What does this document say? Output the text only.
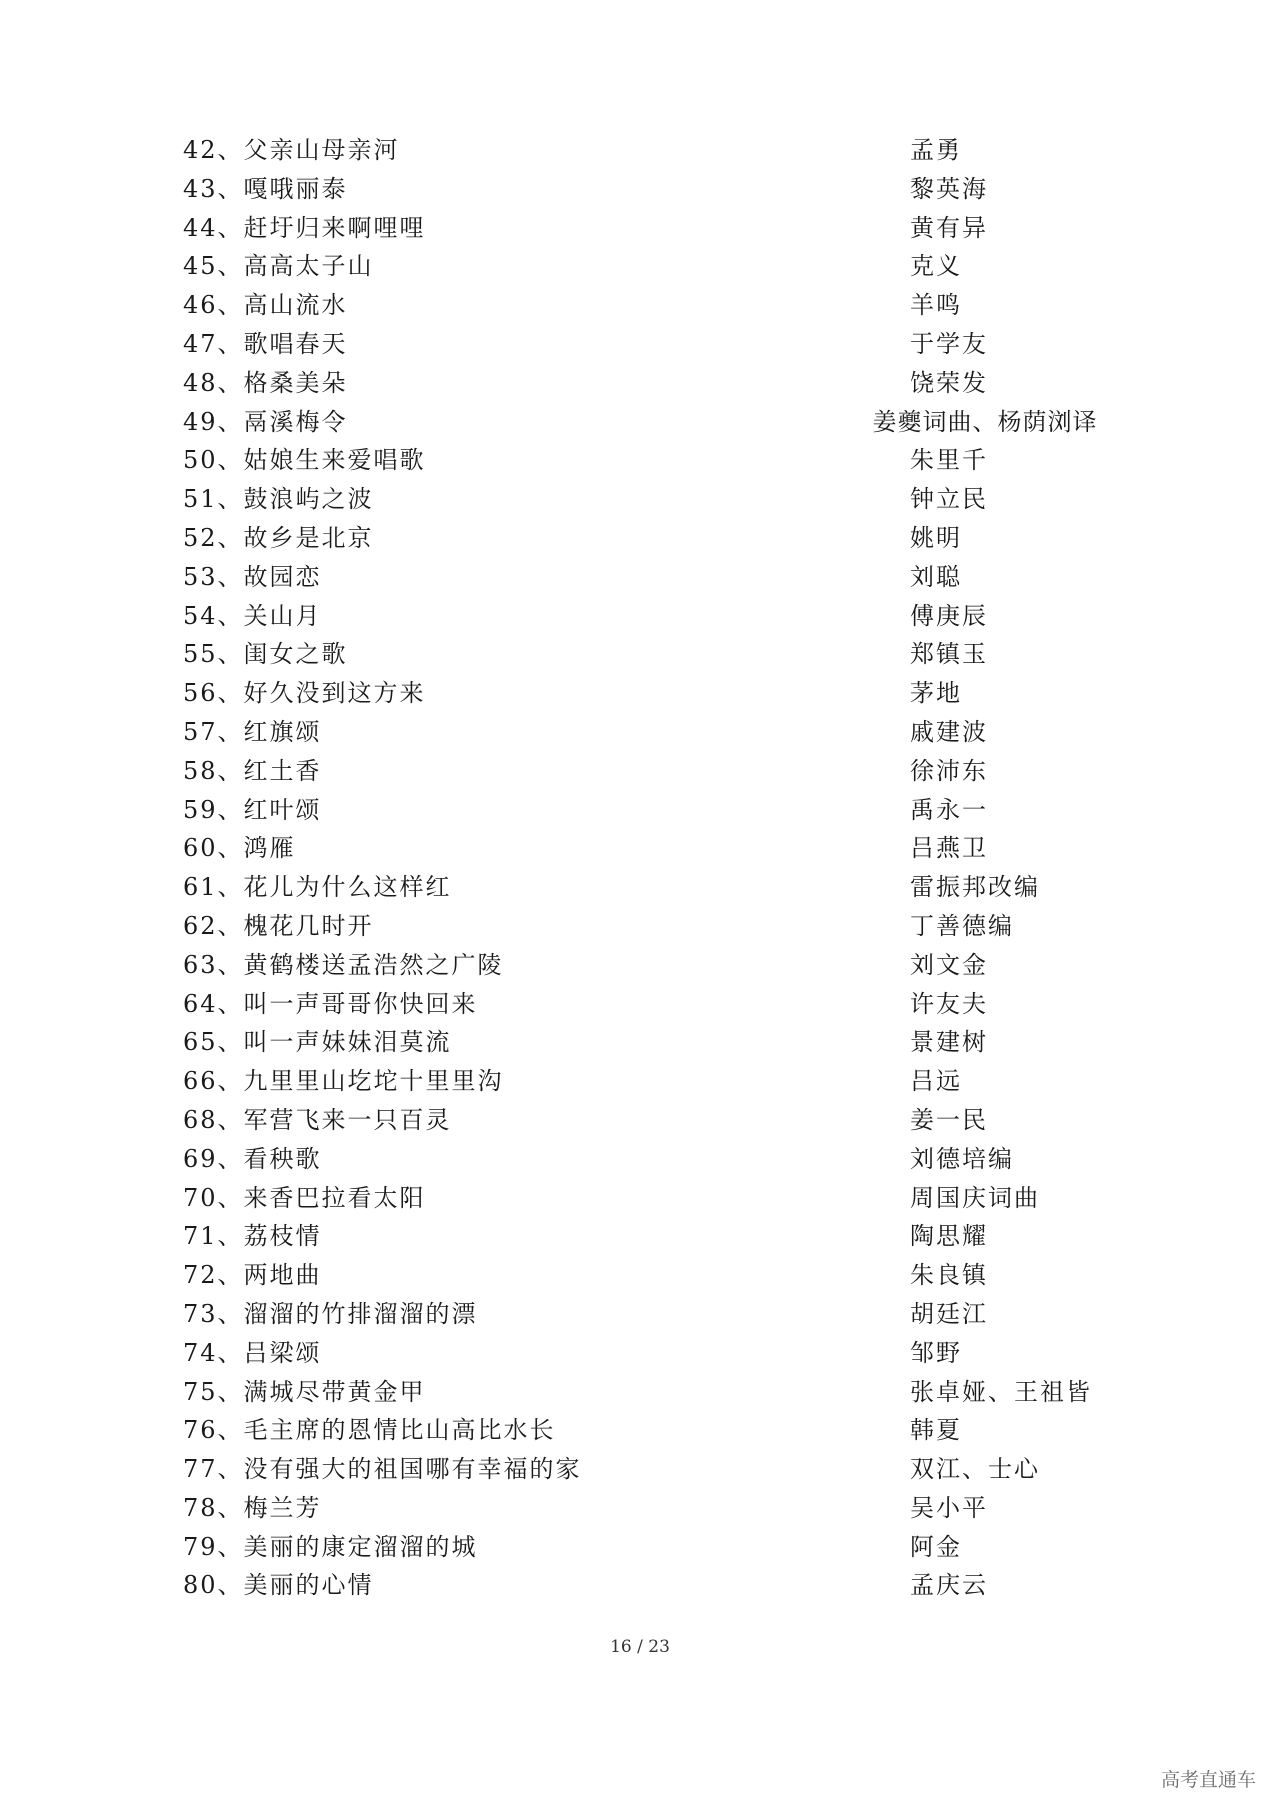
42、父亲山母亲河	孟勇
43、嘎哦丽泰	黎英海
44、赶圩归来啊哩哩	黄有异
45、高高太子山	克义
46、高山流水	羊鸣
47、歌唱春天	于学友
48、格桑美朵	饶荣发
49、鬲溪梅令	姜夔词曲、杨荫浏译
50、姑娘生来爱唱歌	朱里千
51、鼓浪屿之波	钟立民
52、故乡是北京	姚明
53、故园恋	刘聪
54、关山月	傅庚辰
55、闺女之歌	郑镇玉
56、好久没到这方来	茅地
57、红旗颂	戚建波
58、红土香	徐沛东
59、红叶颂	禹永一
60、鸿雁	吕燕卫
61、花儿为什么这样红	雷振邦改编
62、槐花几时开	丁善德编
63、黄鹤楼送孟浩然之广陵	刘文金
64、叫一声哥哥你快回来	许友夫
65、叫一声妹妹泪莫流	景建树
66、九里里山圪坨十里里沟	吕远
68、军营飞来一只百灵	姜一民
69、看秧歌	刘德培编
70、来香巴拉看太阳	周国庆词曲
71、荔枝情	陶思耀
72、两地曲	朱良镇
73、溜溜的竹排溜溜的漂	胡廷江
74、吕梁颂	邹野
75、满城尽带黄金甲	张卓娅、王祖皆
76、毛主席的恩情比山高比水长	韩夏
77、没有强大的祖国哪有幸福的家	双江、士心
78、梅兰芳	吴小平
79、美丽的康定溜溜的城	阿金
80、美丽的心情	孟庆云
16 / 23
高考直通车
